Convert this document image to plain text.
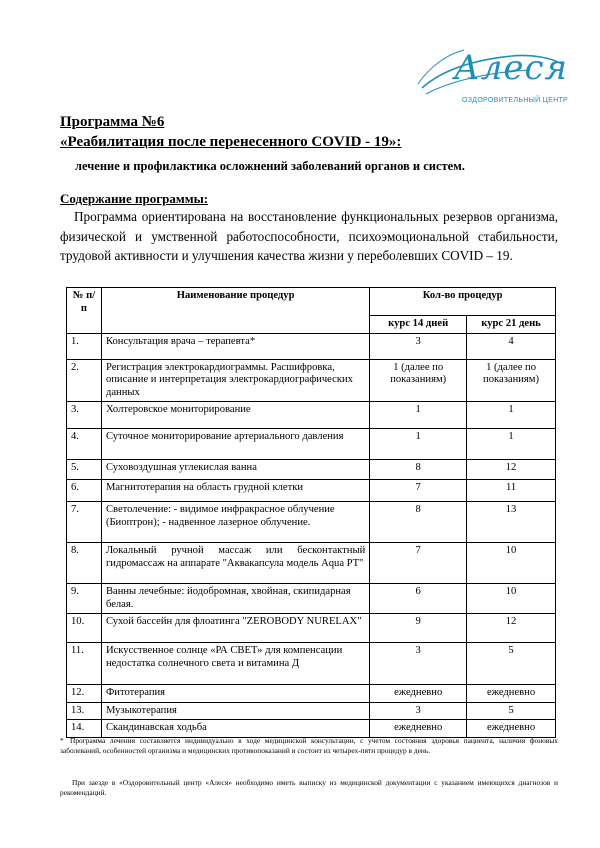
Алеся
ОЗДОРОВИТЕЛЬНЫЙ ЦЕНТР
Программа №6
«Реабилитация после перенесенного COVID - 19»:
лечение и профилактика осложнений заболеваний органов и систем.
Содержание программы:
Программа ориентирована на восстановление функциональных резервов организма, физической и умственной работоспособности, психоэмоциональной стабильности, трудовой активности и улучшения качества жизни у переболевших COVID – 19.
№ п/п	Наименование процедур	Кол-во процедур	
		курс 14 дней	курс 21 день
1.	Консультация врача – терапевта*	3	4
2.	Регистрация электрокардиограммы. Расшифровка, описание и интерпретация электрокардиографических данных	1 (далее по показаниям)	1 (далее по показаниям)
3.	Холтеровское мониторирование	1	1
4.	Суточное мониторирование артериального давления	1	1
5.	Суховоздушная углекислая ванна	8	12
6.	Магнитотерапия на область грудной клетки	7	11
7.	Светолечение: - видимое инфракрасное облучение (Биоптрон); - надвенное лазерное облучение.	8	13
8.	Локальный ручной массаж или бесконтактный гидромассаж на аппарате "Аквакапсула модель Aqua PT"	7	10
9.	Ванны лечебные: йодобромная, хвойная, скипидарная белая.	6	10
10.	Сухой бассейн для флоатинга "ZEROBODY NURELAX"	9	12
11.	Искусственное солнце «РА СВЕТ» для компенсации недостатка солнечного света и витамина Д	3	5
12.	Фитотерапия	ежедневно	ежедневно
13.	Музыкотерапия	3	5
14.	Скандинавская ходьба	ежедневно	ежедневно
* Программа лечения составляется индивидуально в ходе медицинской консультации, с учетом состояния здоровья пациента, наличия фоновых заболеваний, особенностей организма и медицинских противопоказаний и состоит из четырех-пяти процедур в день.
При заезде в «Оздоровительный центр «Алеся» необходимо иметь выписку из медицинской документации с указанием имеющихся диагнозов и рекомендаций.
